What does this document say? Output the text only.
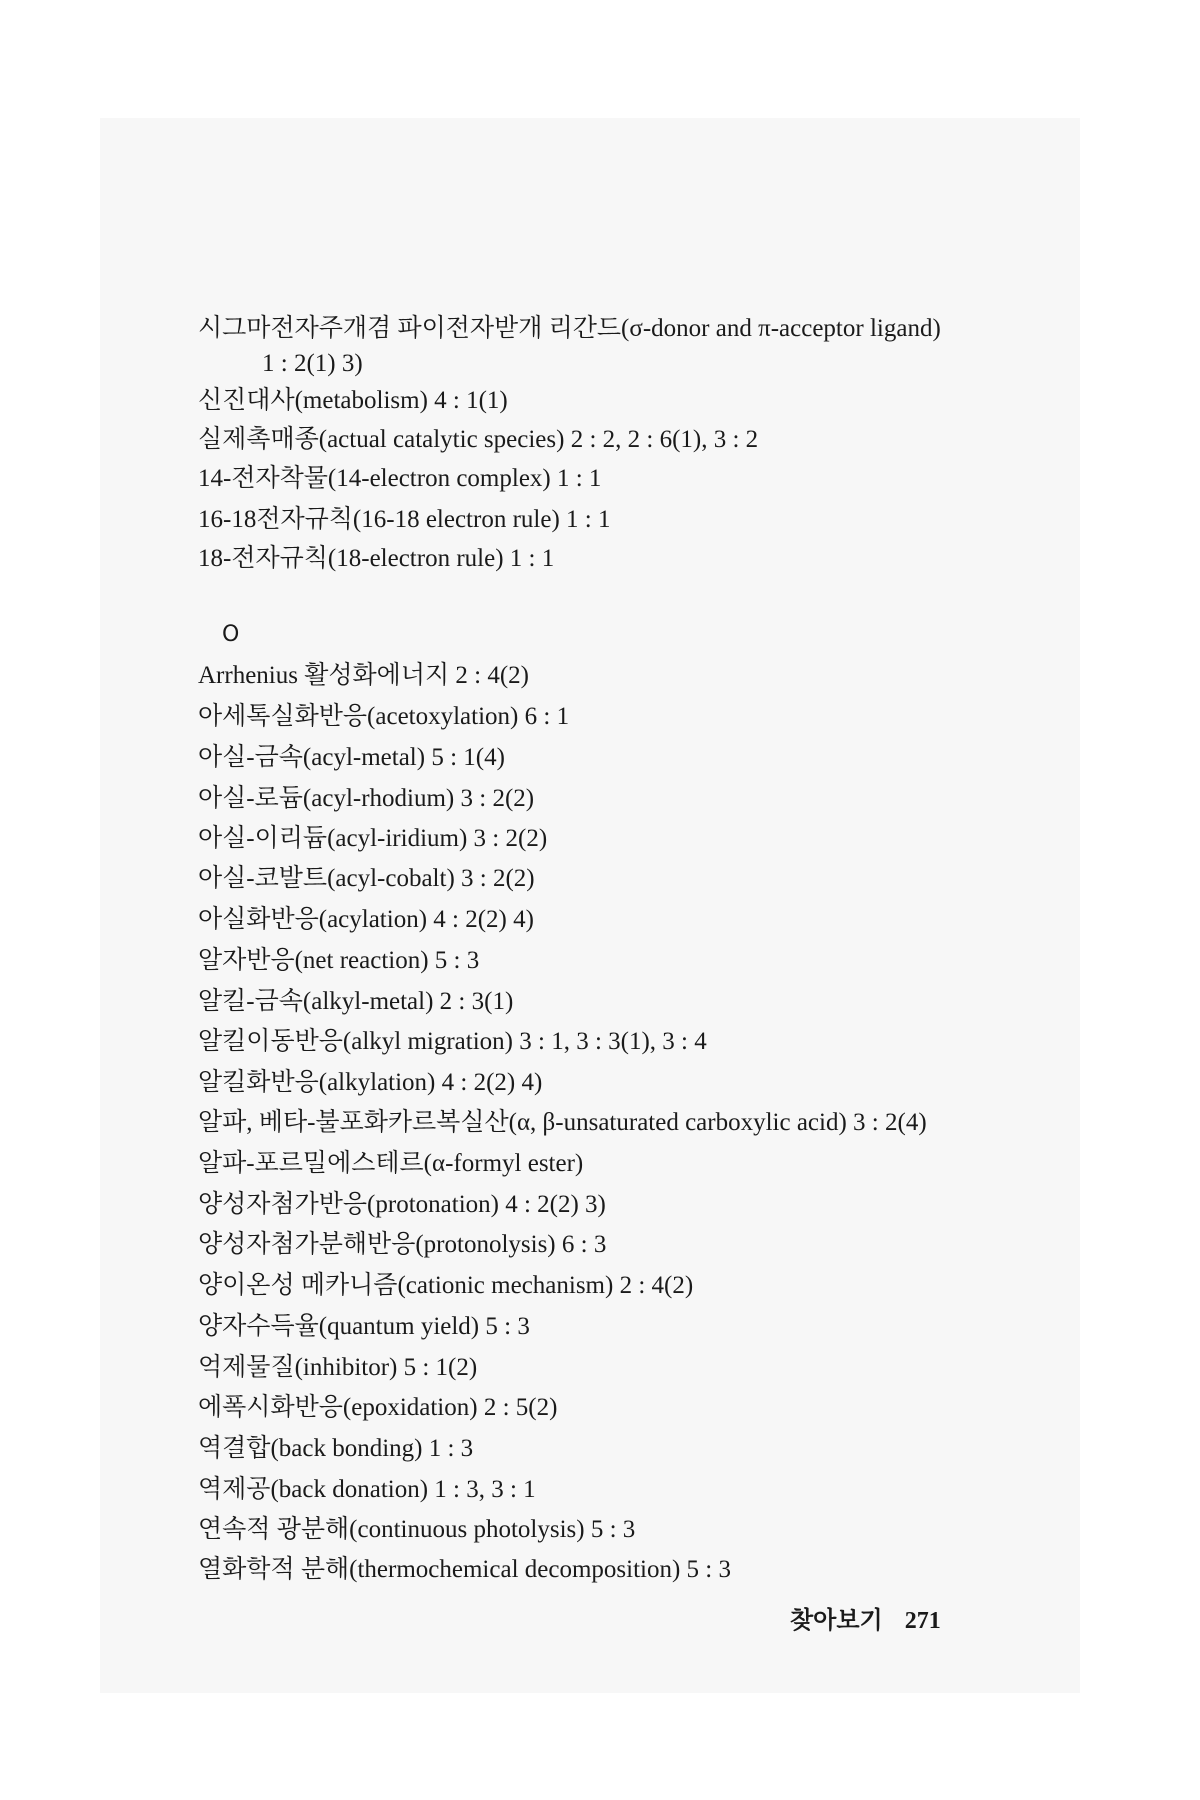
시그마전자주개겸 파이전자받개 리간드(σ-donor and π-acceptor ligand)
1 : 2(1) 3)
신진대사(metabolism) 4 : 1(1)
실제촉매종(actual catalytic species) 2 : 2, 2 : 6(1), 3 : 2
14-전자착물(14-electron complex) 1 : 1
16-18전자규칙(16-18 electron rule) 1 : 1
18-전자규칙(18-electron rule) 1 : 1
O
Arrhenius 활성화에너지 2 : 4(2)
아세톡실화반응(acetoxylation) 6 : 1
아실-금속(acyl-metal) 5 : 1(4)
아실-로듐(acyl-rhodium) 3 : 2(2)
아실-이리듐(acyl-iridium) 3 : 2(2)
아실-코발트(acyl-cobalt) 3 : 2(2)
아실화반응(acylation) 4 : 2(2) 4)
알자반응(net reaction) 5 : 3
알킬-금속(alkyl-metal) 2 : 3(1)
알킬이동반응(alkyl migration) 3 : 1, 3 : 3(1), 3 : 4
알킬화반응(alkylation) 4 : 2(2) 4)
알파, 베타-불포화카르복실산(α, β-unsaturated carboxylic acid) 3 : 2(4)
알파-포르밀에스테르(α-formyl ester)
양성자첨가반응(protonation) 4 : 2(2) 3)
양성자첨가분해반응(protonolysis) 6 : 3
양이온성 메카니즘(cationic mechanism) 2 : 4(2)
양자수득율(quantum yield) 5 : 3
억제물질(inhibitor) 5 : 1(2)
에폭시화반응(epoxidation) 2 : 5(2)
역결합(back bonding) 1 : 3
역제공(back donation) 1 : 3, 3 : 1
연속적 광분해(continuous photolysis) 5 : 3
열화학적 분해(thermochemical decomposition) 5 : 3
찾아보기 271
